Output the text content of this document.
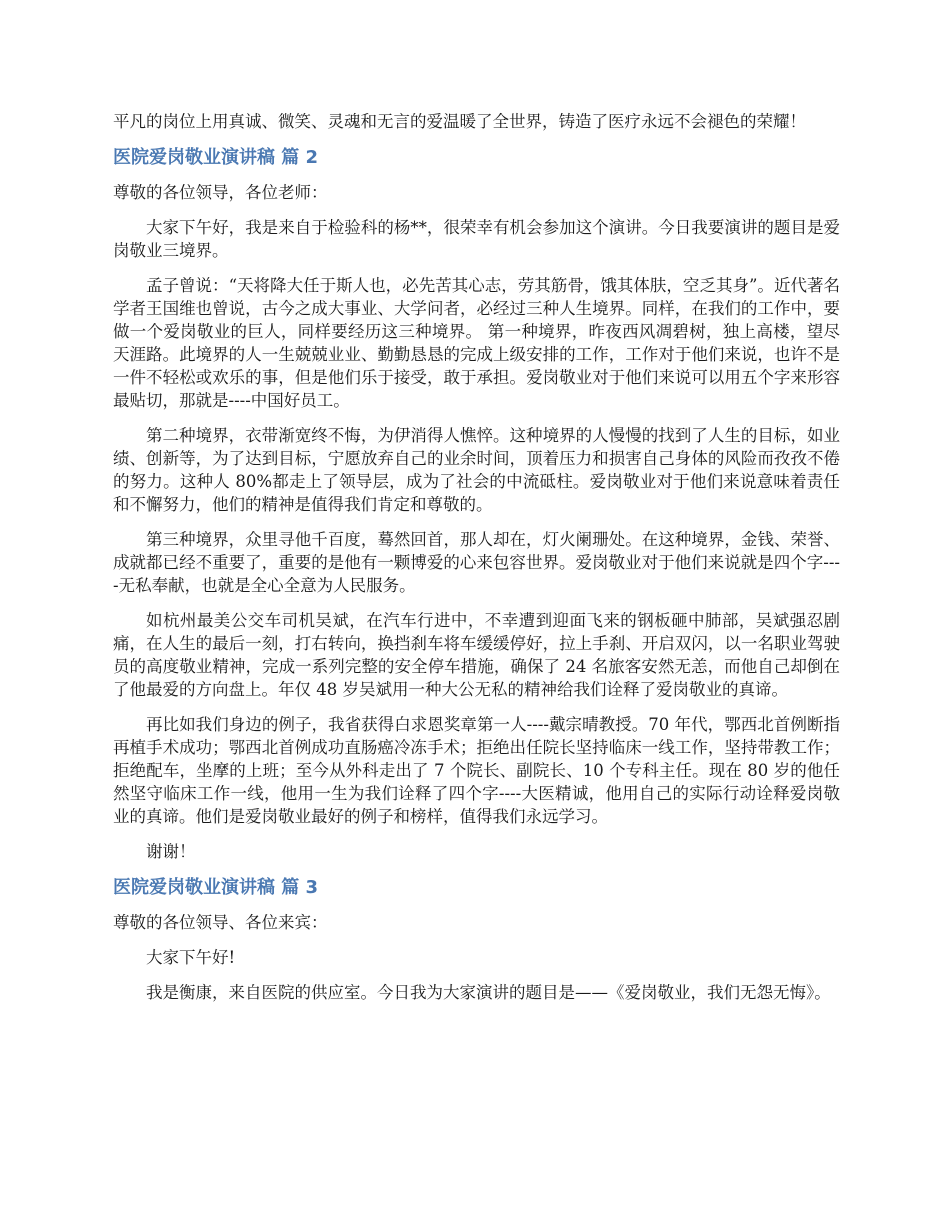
平凡的岗位上用真诚、微笑、灵魂和无言的爱温暖了全世界，铸造了医疗永远不会褪色的荣耀！

医院爱岗敬业演讲稿 篇 2

尊敬的各位领导，各位老师：

大家下午好，我是来自于检验科的杨**，很荣幸有机会参加这个演讲。今日我要演讲的题目是爱岗敬业三境界。

孟子曾说：“天将降大任于斯人也，必先苦其心志，劳其筋骨，饿其体肤，空乏其身”。近代著名学者王国维也曾说，古今之成大事业、大学问者，必经过三种人生境界。同样，在我们的工作中，要做一个爱岗敬业的巨人，同样要经历这三种境界。 第一种境界，昨夜西风凋碧树，独上高楼，望尽天涯路。此境界的人一生兢兢业业、勤勤恳恳的完成上级安排的工作，工作对于他们来说，也许不是一件不轻松或欢乐的事，但是他们乐于接受，敢于承担。爱岗敬业对于他们来说可以用五个字来形容最贴切，那就是----中国好员工。

第二种境界，衣带渐宽终不悔，为伊消得人憔悴。这种境界的人慢慢的找到了人生的目标，如业绩、创新等，为了达到目标，宁愿放弃自己的业余时间，顶着压力和损害自己身体的风险而孜孜不倦的努力。这种人 80%都走上了领导层，成为了社会的中流砥柱。爱岗敬业对于他们来说意味着责任和不懈努力，他们的精神是值得我们肯定和尊敬的。

第三种境界，众里寻他千百度，蓦然回首，那人却在，灯火阑珊处。在这种境界，金钱、荣誉、成就都已经不重要了，重要的是他有一颗博爱的心来包容世界。爱岗敬业对于他们来说就是四个字----无私奉献，也就是全心全意为人民服务。

如杭州最美公交车司机吴斌，在汽车行进中，不幸遭到迎面飞来的钢板砸中肺部，吴斌强忍剧痛，在人生的最后一刻，打右转向，换挡刹车将车缓缓停好，拉上手刹、开启双闪，以一名职业驾驶员的高度敬业精神，完成一系列完整的安全停车措施，确保了 24 名旅客安然无恙，而他自己却倒在了他最爱的方向盘上。年仅 48 岁吴斌用一种大公无私的精神给我们诠释了爱岗敬业的真谛。

再比如我们身边的例子，我省获得白求恩奖章第一人----戴宗晴教授。70 年代，鄂西北首例断指再植手术成功；鄂西北首例成功直肠癌冷冻手术；拒绝出任院长坚持临床一线工作，坚持带教工作；拒绝配车，坐摩的上班；至今从外科走出了 7 个院长、副院长、10 个专科主任。现在 80 岁的他任然坚守临床工作一线，他用一生为我们诠释了四个字----大医精诚，他用自己的实际行动诠释爱岗敬业的真谛。他们是爱岗敬业最好的例子和榜样，值得我们永远学习。

谢谢！

医院爱岗敬业演讲稿 篇 3

尊敬的各位领导、各位来宾：

大家下午好!

我是衡康，来自医院的供应室。今日我为大家演讲的题目是——《爱岗敬业，我们无怨无悔》。
